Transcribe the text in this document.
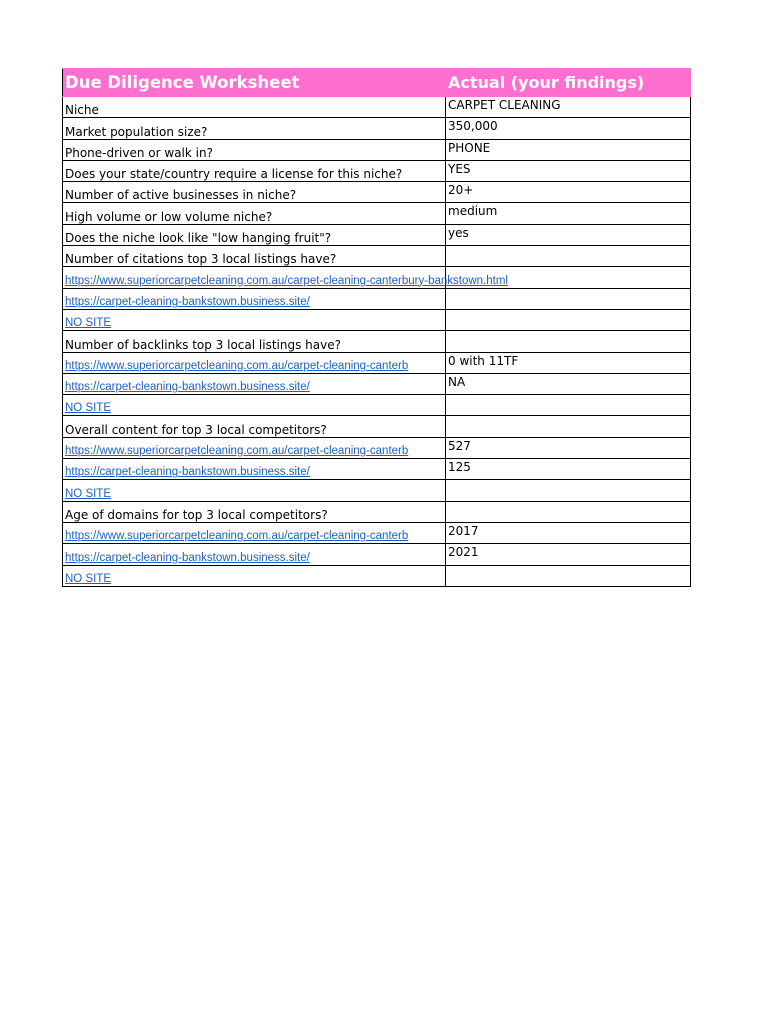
Due Diligence Worksheet	Actual (your findings)
Niche	CARPET CLEANING
Market population size?	350,000
Phone-driven or walk in?	PHONE
Does your state/country require a license for this niche?	YES
Number of active businesses in niche?	20+
High volume or low volume niche?	medium
Does the niche look like "low hanging fruit"?	yes
Number of citations top 3 local listings have?	
https://www.superiorcarpetcleaning.com.au/carpet-cleaning-canterbury-bankstown.html	
https://carpet-cleaning-bankstown.business.site/	
NO SITE	
Number of backlinks top 3 local listings have?	
https://www.superiorcarpetcleaning.com.au/carpet-cleaning-canterb	0 with 11TF
https://carpet-cleaning-bankstown.business.site/	NA
NO SITE	
Overall content for top 3 local competitors?	
https://www.superiorcarpetcleaning.com.au/carpet-cleaning-canterb	527
https://carpet-cleaning-bankstown.business.site/	125
NO SITE	
Age of domains for top 3 local competitors?	
https://www.superiorcarpetcleaning.com.au/carpet-cleaning-canterb	2017
https://carpet-cleaning-bankstown.business.site/	2021
NO SITE	
